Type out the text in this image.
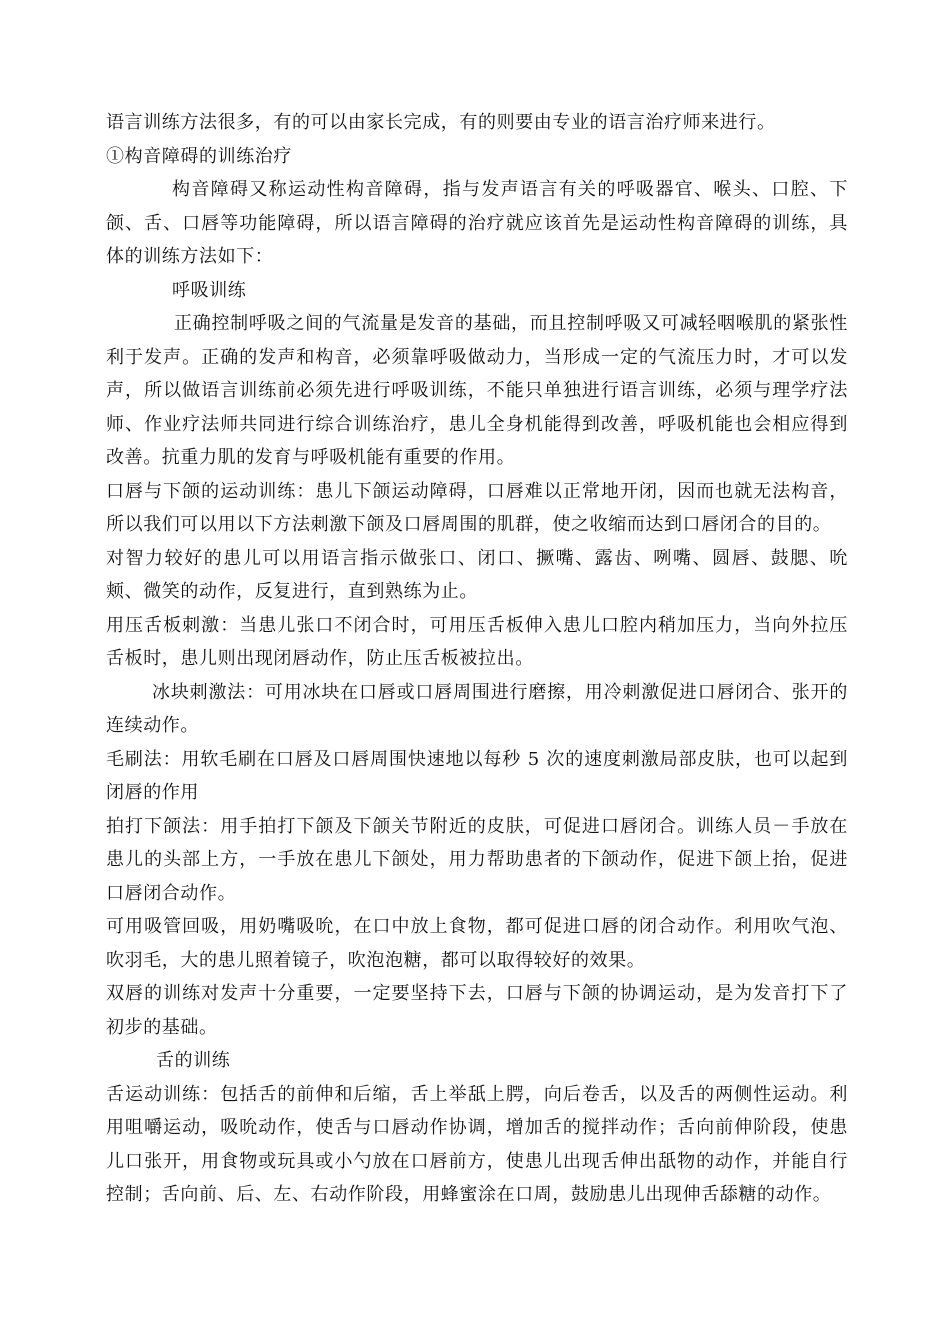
语言训练方法很多，有的可以由家长完成，有的则要由专业的语言治疗师来进行。

①构音障碍的训练治疗

构音障碍又称运动性构音障碍，指与发声语言有关的呼吸器官、喉头、口腔、下颌、舌、口唇等功能障碍，所以语言障碍的治疗就应该首先是运动性构音障碍的训练，具体的训练方法如下：

呼吸训练

正确控制呼吸之间的气流量是发音的基础，而且控制呼吸又可减轻咽喉肌的紧张性利于发声。正确的发声和构音，必须靠呼吸做动力，当形成一定的气流压力时，才可以发声，所以做语言训练前必须先进行呼吸训练，不能只单独进行语言训练，必须与理学疗法师、作业疗法师共同进行综合训练治疗，患儿全身机能得到改善，呼吸机能也会相应得到改善。抗重力肌的发育与呼吸机能有重要的作用。

口唇与下颌的运动训练：患儿下颌运动障碍，口唇难以正常地开闭，因而也就无法构音，所以我们可以用以下方法刺激下颌及口唇周围的肌群，使之收缩而达到口唇闭合的目的。

对智力较好的患儿可以用语言指示做张口、闭口、撅嘴、露齿、咧嘴、圆唇、鼓腮、吮颊、微笑的动作，反复进行，直到熟练为止。

用压舌板刺激：当患儿张口不闭合时，可用压舌板伸入患儿口腔内稍加压力，当向外拉压舌板时，患儿则出现闭唇动作，防止压舌板被拉出。

冰块刺激法：可用冰块在口唇或口唇周围进行磨擦，用冷刺激促进口唇闭合、张开的连续动作。

毛刷法：用软毛刷在口唇及口唇周围快速地以每秒 5 次的速度刺激局部皮肤，也可以起到闭唇的作用

拍打下颌法：用手拍打下颌及下颌关节附近的皮肤，可促进口唇闭合。训练人员－手放在患儿的头部上方，一手放在患儿下颌处，用力帮助患者的下颌动作，促进下颌上抬，促进口唇闭合动作。

可用吸管回吸，用奶嘴吸吮，在口中放上食物，都可促进口唇的闭合动作。利用吹气泡、吹羽毛，大的患儿照着镜子，吹泡泡糖，都可以取得较好的效果。

双唇的训练对发声十分重要，一定要坚持下去，口唇与下颌的协调运动，是为发音打下了初步的基础。

舌的训练

舌运动训练：包括舌的前伸和后缩，舌上举舐上腭，向后卷舌，以及舌的两侧性运动。利用咀嚼运动，吸吮动作，使舌与口唇动作协调，增加舌的搅拌动作；舌向前伸阶段，使患儿口张开，用食物或玩具或小勺放在口唇前方，使患儿出现舌伸出舐物的动作，并能自行控制；舌向前、后、左、右动作阶段，用蜂蜜涂在口周，鼓励患儿出现伸舌舔糖的动作。
